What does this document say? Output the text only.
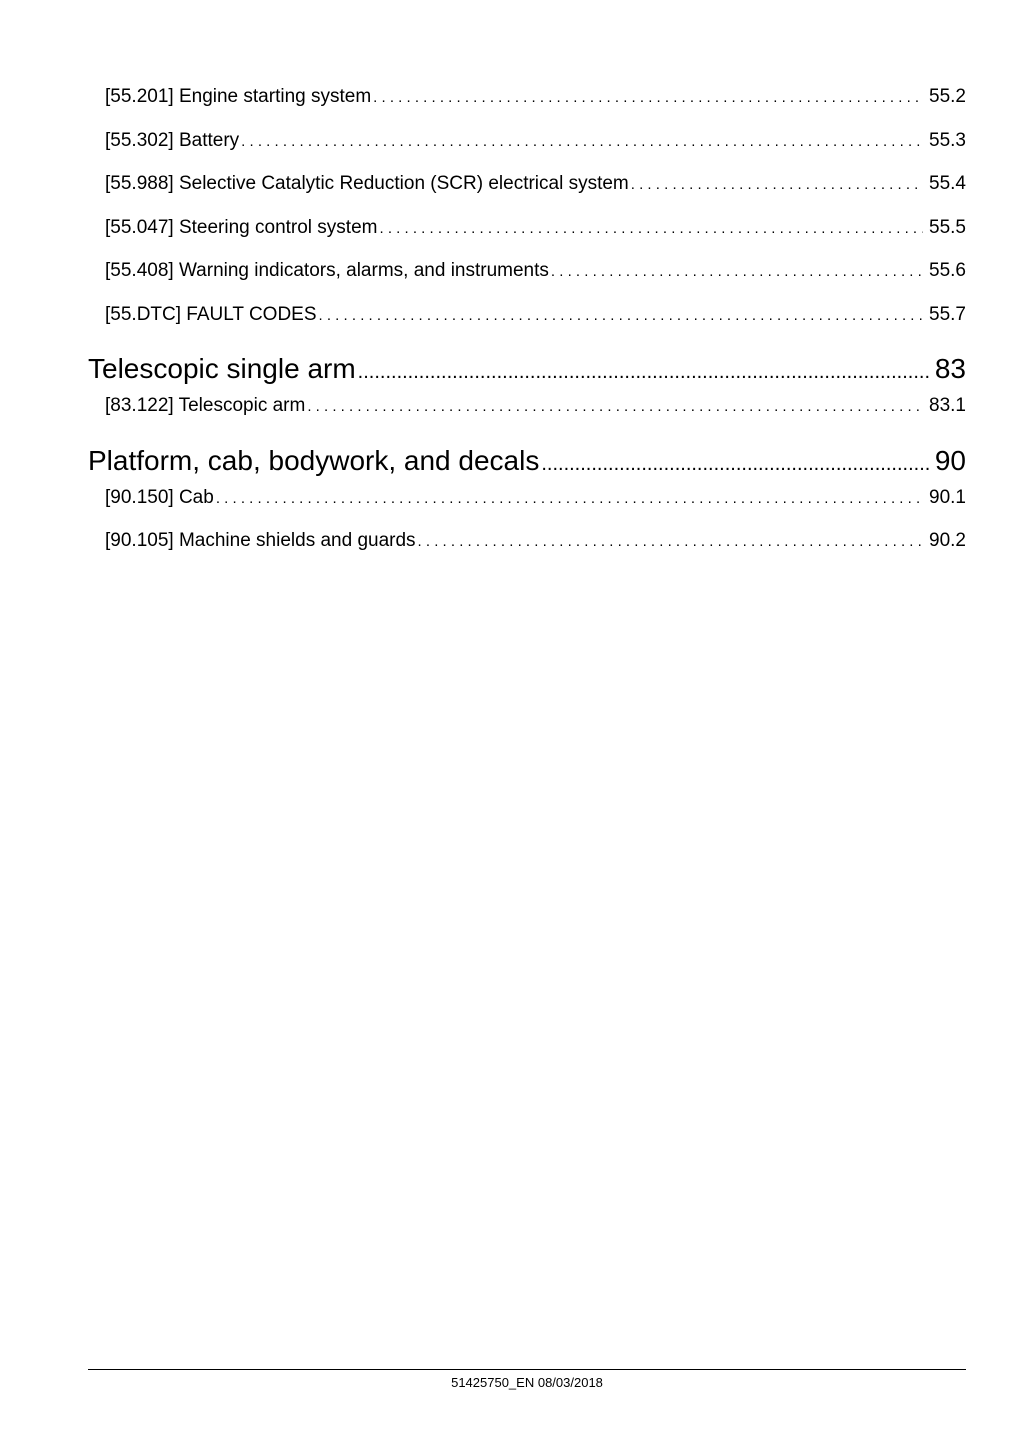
[55.201] Engine starting system . . .	55.2
[55.302] Battery . . .	55.3
[55.988] Selective Catalytic Reduction (SCR) electrical system . . .	55.4
[55.047] Steering control system . . .	55.5
[55.408] Warning indicators, alarms, and instruments . . .	55.6
[55.DTC] FAULT CODES . . .	55.7
Telescopic single arm .....	83
[83.122] Telescopic arm . . .	83.1
Platform, cab, bodywork, and decals .....	90
[90.150] Cab . . .	90.1
[90.105] Machine shields and guards . . .	90.2
51425750_EN 08/03/2018
